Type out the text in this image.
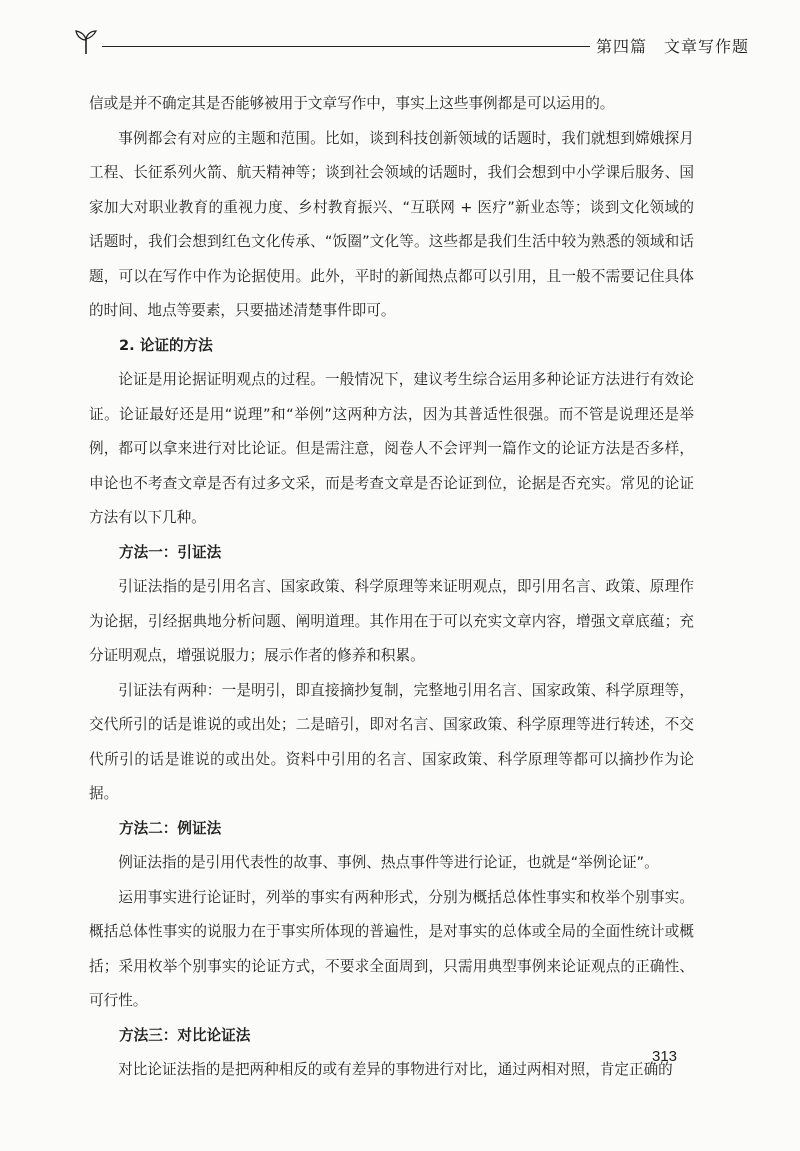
第四篇　文章写作题

信或是并不确定其是否能够被用于文章写作中，事实上这些事例都是可以运用的。

事例都会有对应的主题和范围。比如，谈到科技创新领域的话题时，我们就想到嫦娥探月工程、长征系列火箭、航天精神等；谈到社会领域的话题时，我们会想到中小学课后服务、国家加大对职业教育的重视力度、乡村教育振兴、“互联网 + 医疗”新业态等；谈到文化领域的话题时，我们会想到红色文化传承、“饭圈”文化等。这些都是我们生活中较为熟悉的领域和话题，可以在写作中作为论据使用。此外，平时的新闻热点都可以引用，且一般不需要记住具体的时间、地点等要素，只要描述清楚事件即可。

2. 论证的方法

论证是用论据证明观点的过程。一般情况下，建议考生综合运用多种论证方法进行有效论证。论证最好还是用“说理”和“举例”这两种方法，因为其普适性很强。而不管是说理还是举例，都可以拿来进行对比论证。但是需注意，阅卷人不会评判一篇作文的论证方法是否多样，申论也不考查文章是否有过多文采，而是考查文章是否论证到位，论据是否充实。常见的论证方法有以下几种。

方法一：引证法

引证法指的是引用名言、国家政策、科学原理等来证明观点，即引用名言、政策、原理作为论据，引经据典地分析问题、阐明道理。其作用在于可以充实文章内容，增强文章底蕴；充分证明观点，增强说服力；展示作者的修养和积累。

引证法有两种：一是明引，即直接摘抄复制，完整地引用名言、国家政策、科学原理等，交代所引的话是谁说的或出处；二是暗引，即对名言、国家政策、科学原理等进行转述，不交代所引的话是谁说的或出处。资料中引用的名言、国家政策、科学原理等都可以摘抄作为论据。

方法二：例证法

例证法指的是引用代表性的故事、事例、热点事件等进行论证，也就是“举例论证”。

运用事实进行论证时，列举的事实有两种形式，分别为概括总体性事实和枚举个别事实。概括总体性事实的说服力在于事实所体现的普遍性，是对事实的总体或全局的全面性统计或概括；采用枚举个别事实的论证方式，不要求全面周到，只需用典型事例来论证观点的正确性、可行性。

方法三：对比论证法

对比论证法指的是把两种相反的或有差异的事物进行对比，通过两相对照，肯定正确的

313
